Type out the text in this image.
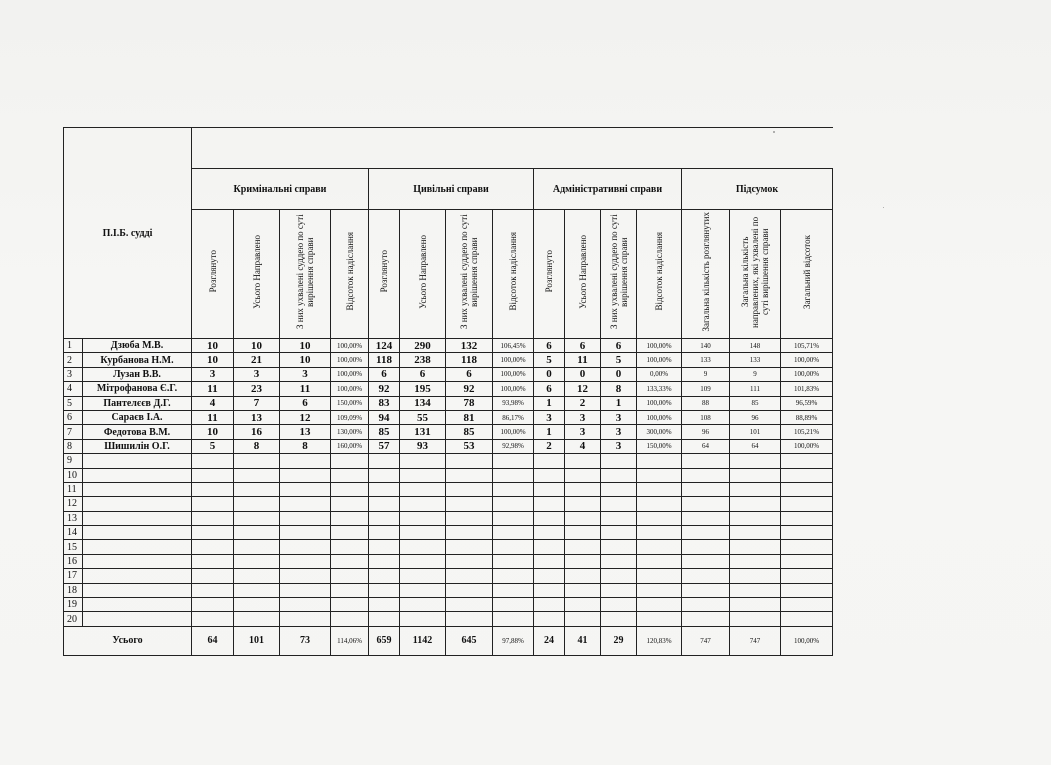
П.І.Б. судді																
		Кримінальні справи				Цивільні справи				Адміністративні справи				Підсумок		
		Розглянуто	Усього Направлено	З них ухвалені суддею по суті вирішення справи	Відсоток надіслання	Розглянуто	Усього Направлено	З них ухвалені суддею по суті вирішення справи	Відсоток надіслання	Розглянуто	Усього Направлено	З них ухвалені суддею по суті вирішення справи	Відсоток надіслання	Загальна кількість розглянутих	Загальна кількість направлених, які ухвалені по суті вирішення справи	Загальний відсоток
1	Дзюба М.В.	10	10	10	100,00%	124	290	132	106,45%	6	6	6	100,00%	140	148	105,71%
2	Курбанова Н.М.	10	21	10	100,00%	118	238	118	100,00%	5	11	5	100,00%	133	133	100,00%
3	Лузан В.В.	3	3	3	100,00%	6	6	6	100,00%	0	0	0	0,00%	9	9	100,00%
4	Мітрофанова Є.Г.	11	23	11	100,00%	92	195	92	100,00%	6	12	8	133,33%	109	111	101,83%
5	Пантелєєв Д.Г.	4	7	6	150,00%	83	134	78	93,98%	1	2	1	100,00%	88	85	96,59%
6	Сараєв І.А.	11	13	12	109,09%	94	55	81	86,17%	3	3	3	100,00%	108	96	88,89%
7	Федотова В.М.	10	16	13	130,00%	85	131	85	100,00%	1	3	3	300,00%	96	101	105,21%
8	Шишилін О.Г.	5	8	8	160,00%	57	93	53	92,98%	2	4	3	150,00%	64	64	100,00%
9																
10																
11																
12																
13																
14																
15																
16																
17																
18																
19																
20																
Усього		64	101	73	114,06%	659	1142	645	97,88%	24	41	29	120,83%	747	747	100,00%
